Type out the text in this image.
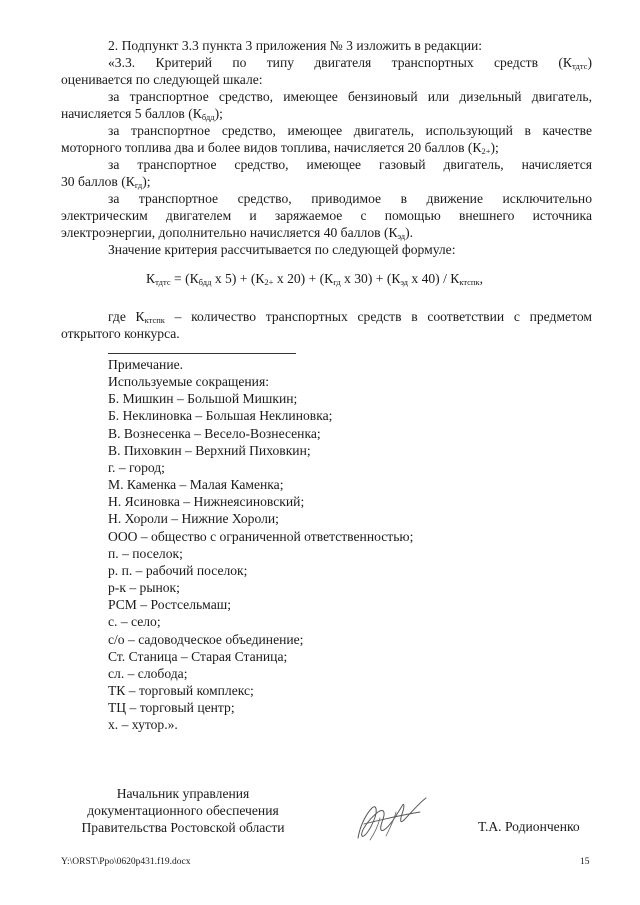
2. Подпункт 3.3 пункта 3 приложения № 3 изложить в редакции:

«3.3. Критерий по типу двигателя транспортных средств $(К_{тдтс})$

оценивается по следующей шкале:

за транспортное средство, имеющее бензиновый или дизельный двигатель,

начисляется 5 баллов $(К_{бдд})$;

за транспортное средство, имеющее двигатель, использующий в качестве

моторного топлива два и более видов топлива, начисляется 20 баллов $(К_{2+})$;

за транспортное средство, имеющее газовый двигатель, начисляется

30 баллов $(К_{гд})$;

за транспортное средство, приводимое в движение исключительно

электрическим двигателем и заряжаемое с помощью внешнего источника

электроэнергии, дополнительно начисляется 40 баллов $(К_{эд})$.

Значение критерия рассчитывается по следующей формуле:

$К_{тдтс} = (К_{бдд}$ х $5) + (К_{2+}$ х $20) + (К_{гд}$ х $30) + (К_{эд}$ х $40) / К_{ктспк}$,

где $К_{ктспк}$ – количество транспортных средств в соответствии с предметом

открытого конкурса.

Примечание.
Используемые сокращения:
Б. Мишкин – Большой Мишкин;
Б. Неклиновка – Большая Неклиновка;
В. Вознесенка – Весело-Вознесенка;
В. Пиховкин – Верхний Пиховкин;
г. – город;
М. Каменка – Малая Каменка;
Н. Ясиновка – Нижнеясиновский;
Н. Хороли – Нижние Хороли;
ООО – общество с ограниченной ответственностью;
п. – поселок;
р. п. – рабочий поселок;
р-к – рынок;
РСМ – Ростсельмаш;
с. – село;
с/о – садоводческое объединение;
Ст. Станица – Старая Станица;
сл. – слобода;
ТК – торговый комплекс;
ТЦ – торговый центр;
х. – хутор.».
Начальник управления
документационного обеспечения
Правительства Ростовской области	Т.А. Родионченко
Y:\ORST\Ppo\0620p431.f19.docx	15
